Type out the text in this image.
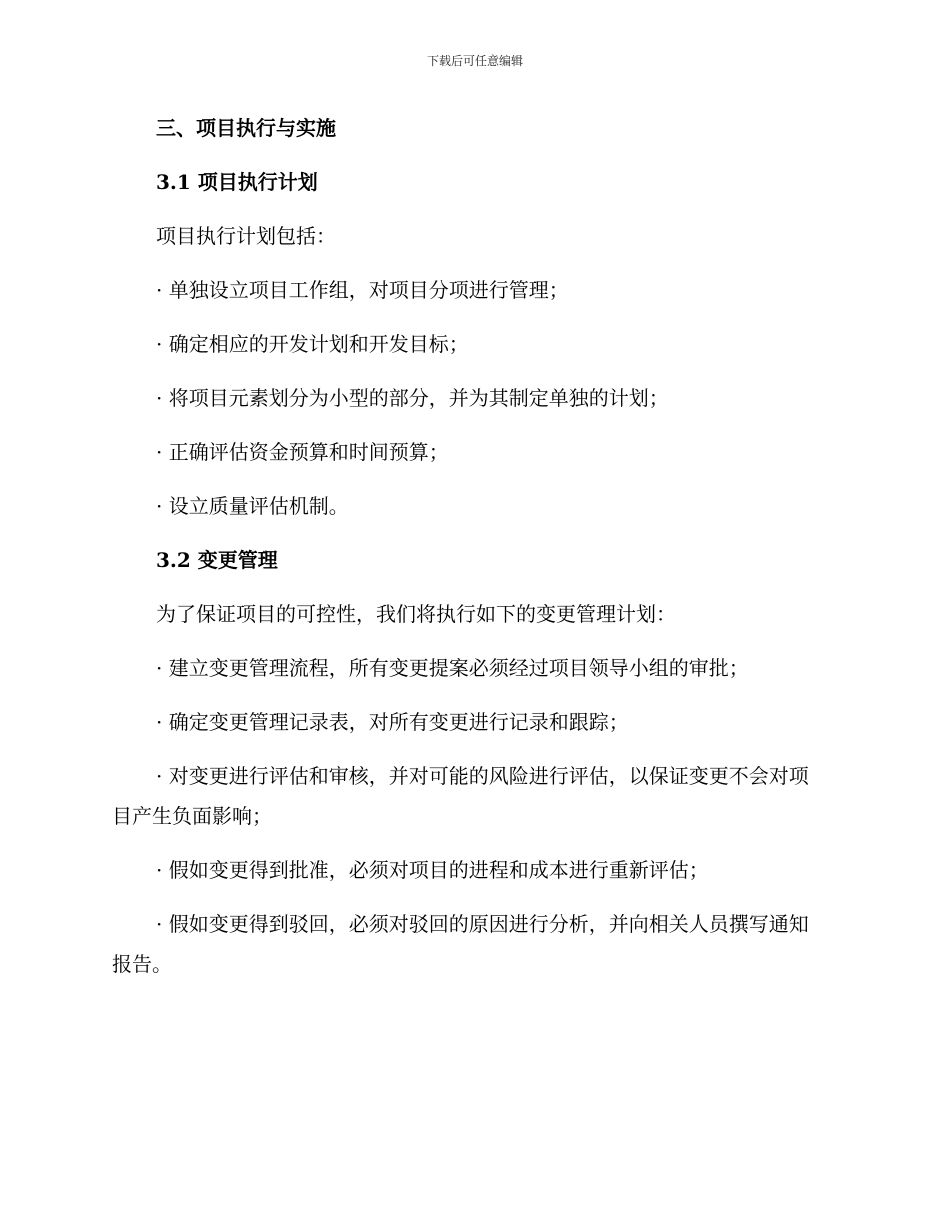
下载后可任意编辑

三、项目执行与实施

3.1 项目执行计划

项目执行计划包括：

· 单独设立项目工作组，对项目分项进行管理；

· 确定相应的开发计划和开发目标；

· 将项目元素划分为小型的部分，并为其制定单独的计划；

· 正确评估资金预算和时间预算；

· 设立质量评估机制。

3.2 变更管理

为了保证项目的可控性，我们将执行如下的变更管理计划：

· 建立变更管理流程，所有变更提案必须经过项目领导小组的审批；

· 确定变更管理记录表，对所有变更进行记录和跟踪；

· 对变更进行评估和审核，并对可能的风险进行评估，以保证变更不会对项目产生负面影响；

· 假如变更得到批准，必须对项目的进程和成本进行重新评估；

· 假如变更得到驳回，必须对驳回的原因进行分析，并向相关人员撰写通知报告。
